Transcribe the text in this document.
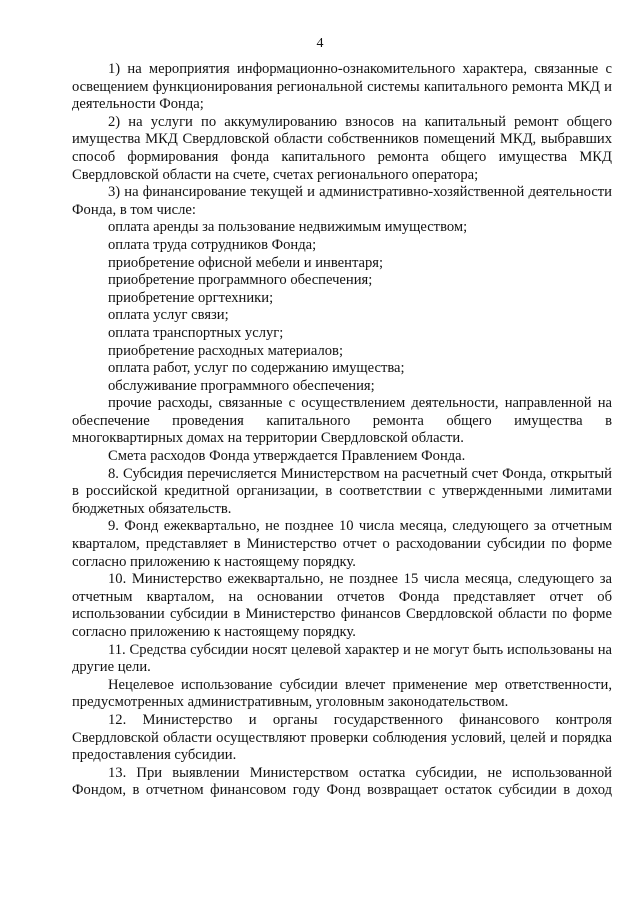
4

1) на мероприятия информационно-ознакомительного характера, связанные с освещением функционирования региональной системы капитального ремонта МКД и деятельности Фонда;

2) на услуги по аккумулированию взносов на капитальный ремонт общего имущества МКД Свердловской области собственников помещений МКД, выбравших способ формирования фонда капитального ремонта общего имущества МКД Свердловской области на счете, счетах регионального оператора;

3) на финансирование текущей и административно-хозяйственной деятельности Фонда, в том числе:

оплата аренды за пользование недвижимым имуществом;

оплата труда сотрудников Фонда;

приобретение офисной мебели и инвентаря;

приобретение программного обеспечения;

приобретение оргтехники;

оплата услуг связи;

оплата транспортных услуг;

приобретение расходных материалов;

оплата работ, услуг по содержанию имущества;

обслуживание программного обеспечения;

прочие расходы, связанные с осуществлением деятельности, направленной на обеспечение проведения капитального ремонта общего имущества в многоквартирных домах на территории Свердловской области.

Смета расходов Фонда утверждается Правлением Фонда.

8. Субсидия перечисляется Министерством на расчетный счет Фонда, открытый в российской кредитной организации, в соответствии с утвержденными лимитами бюджетных обязательств.

9. Фонд ежеквартально, не позднее 10 числа месяца, следующего за отчетным кварталом, представляет в Министерство отчет о расходовании субсидии по форме согласно приложению к настоящему порядку.

10. Министерство ежеквартально, не позднее 15 числа месяца, следующего за отчетным кварталом, на основании отчетов Фонда представляет отчет об использовании субсидии в Министерство финансов Свердловской области по форме согласно приложению к настоящему порядку.

11. Средства субсидии носят целевой характер и не могут быть использованы на другие цели.

Нецелевое использование субсидии влечет применение мер ответственности, предусмотренных административным, уголовным законодательством.

12. Министерство и органы государственного финансового контроля Свердловской области осуществляют проверки соблюдения условий, целей и порядка предоставления субсидии.

13. При выявлении Министерством остатка субсидии, не использованной Фондом, в отчетном финансовом году Фонд возвращает остаток субсидии в доход
